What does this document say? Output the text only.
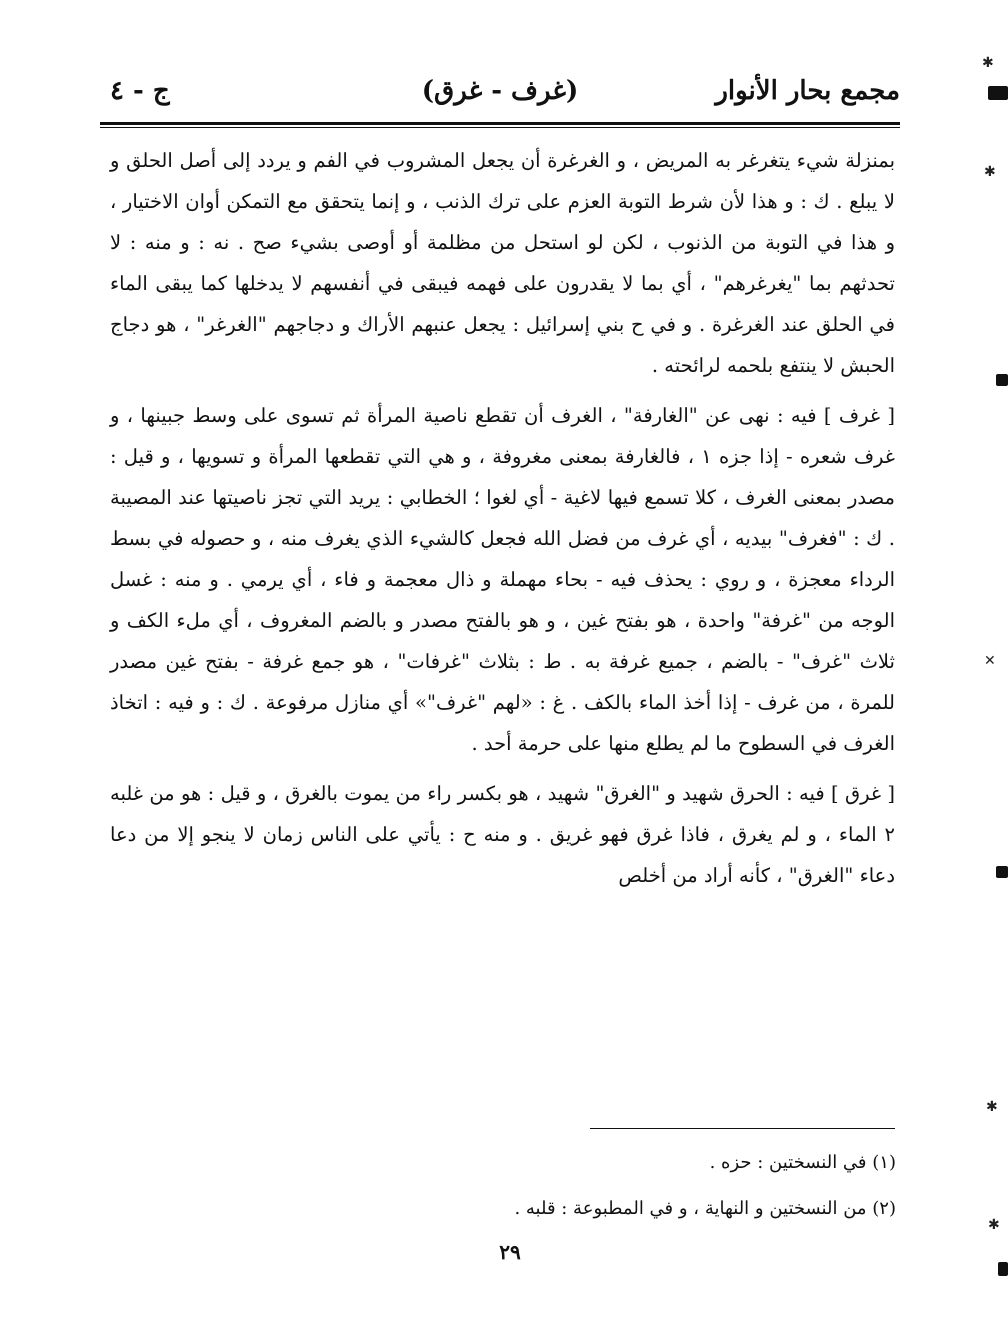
مجمع بحار الأنوار
(غرف - غرق)
ج - ٤

بمنزلة شيء يتغرغر به المريض ، و الغرغرة أن يجعل المشروب في الفم و يردد إلى أصل الحلق و لا يبلع . ك : و هذا لأن شرط التوبة العزم على ترك الذنب ، و إنما يتحقق مع التمكن أوان الاختيار ، و هذا في التوبة من الذنوب ، لكن لو استحل من مظلمة أو أوصى بشيء صح . نه : و منه : لا تحدثهم بما "يغرغرهم" ، أي بما لا يقدرون على فهمه فيبقى في أنفسهم لا يدخلها كما يبقى الماء في الحلق عند الغرغرة . و في ح بني إسرائيل : يجعل عنبهم الأراك و دجاجهم "الغرغر" ، هو دجاج الحبش لا ينتفع بلحمه لرائحته .

[ غرف ] فيه : نهى عن "الغارفة" ، الغرف أن تقطع ناصية المرأة ثم تسوى على وسط جبينها ، و غرف شعره - إذا جزه ١ ، فالغارفة بمعنى مغروفة ، و هي التي تقطعها المرأة و تسويها ، و قيل : مصدر بمعنى الغرف ، كلا تسمع فيها لاغية - أي لغوا ؛ الخطابي : يريد التي تجز ناصيتها عند المصيبة . ك : "فغرف" بيديه ، أي غرف من فضل الله فجعل كالشيء الذي يغرف منه ، و حصوله في بسط الرداء معجزة ، و روي : يحذف فيه - بحاء مهملة و ذال معجمة و فاء ، أي يرمي . و منه : غسل الوجه من "غرفة" واحدة ، هو بفتح غين ، و هو بالفتح مصدر و بالضم المغروف ، أي ملء الكف و ثلاث "غرف" - بالضم ، جميع غرفة به . ط : بثلاث "غرفات" ، هو جمع غرفة - بفتح غين مصدر للمرة ، من غرف - إذا أخذ الماء بالكف . غ : «لهم "غرف"» أي منازل مرفوعة . ك : و فيه : اتخاذ الغرف في السطوح ما لم يطلع منها على حرمة أحد .

[ غرق ] فيه : الحرق شهيد و "الغرق" شهيد ، هو بكسر راء من يموت بالغرق ، و قيل : هو من غلبه ٢ الماء ، و لم يغرق ، فاذا غرق فهو غريق . و منه ح : يأتي على الناس زمان لا ينجو إلا من دعا دعاء "الغرق" ، كأنه أراد من أخلص

(١) في النسختين : حزه .
(٢) من النسختين و النهاية ، و في المطبوعة : قلبه .
٢٩
✱
✱
✕
✱
✱
